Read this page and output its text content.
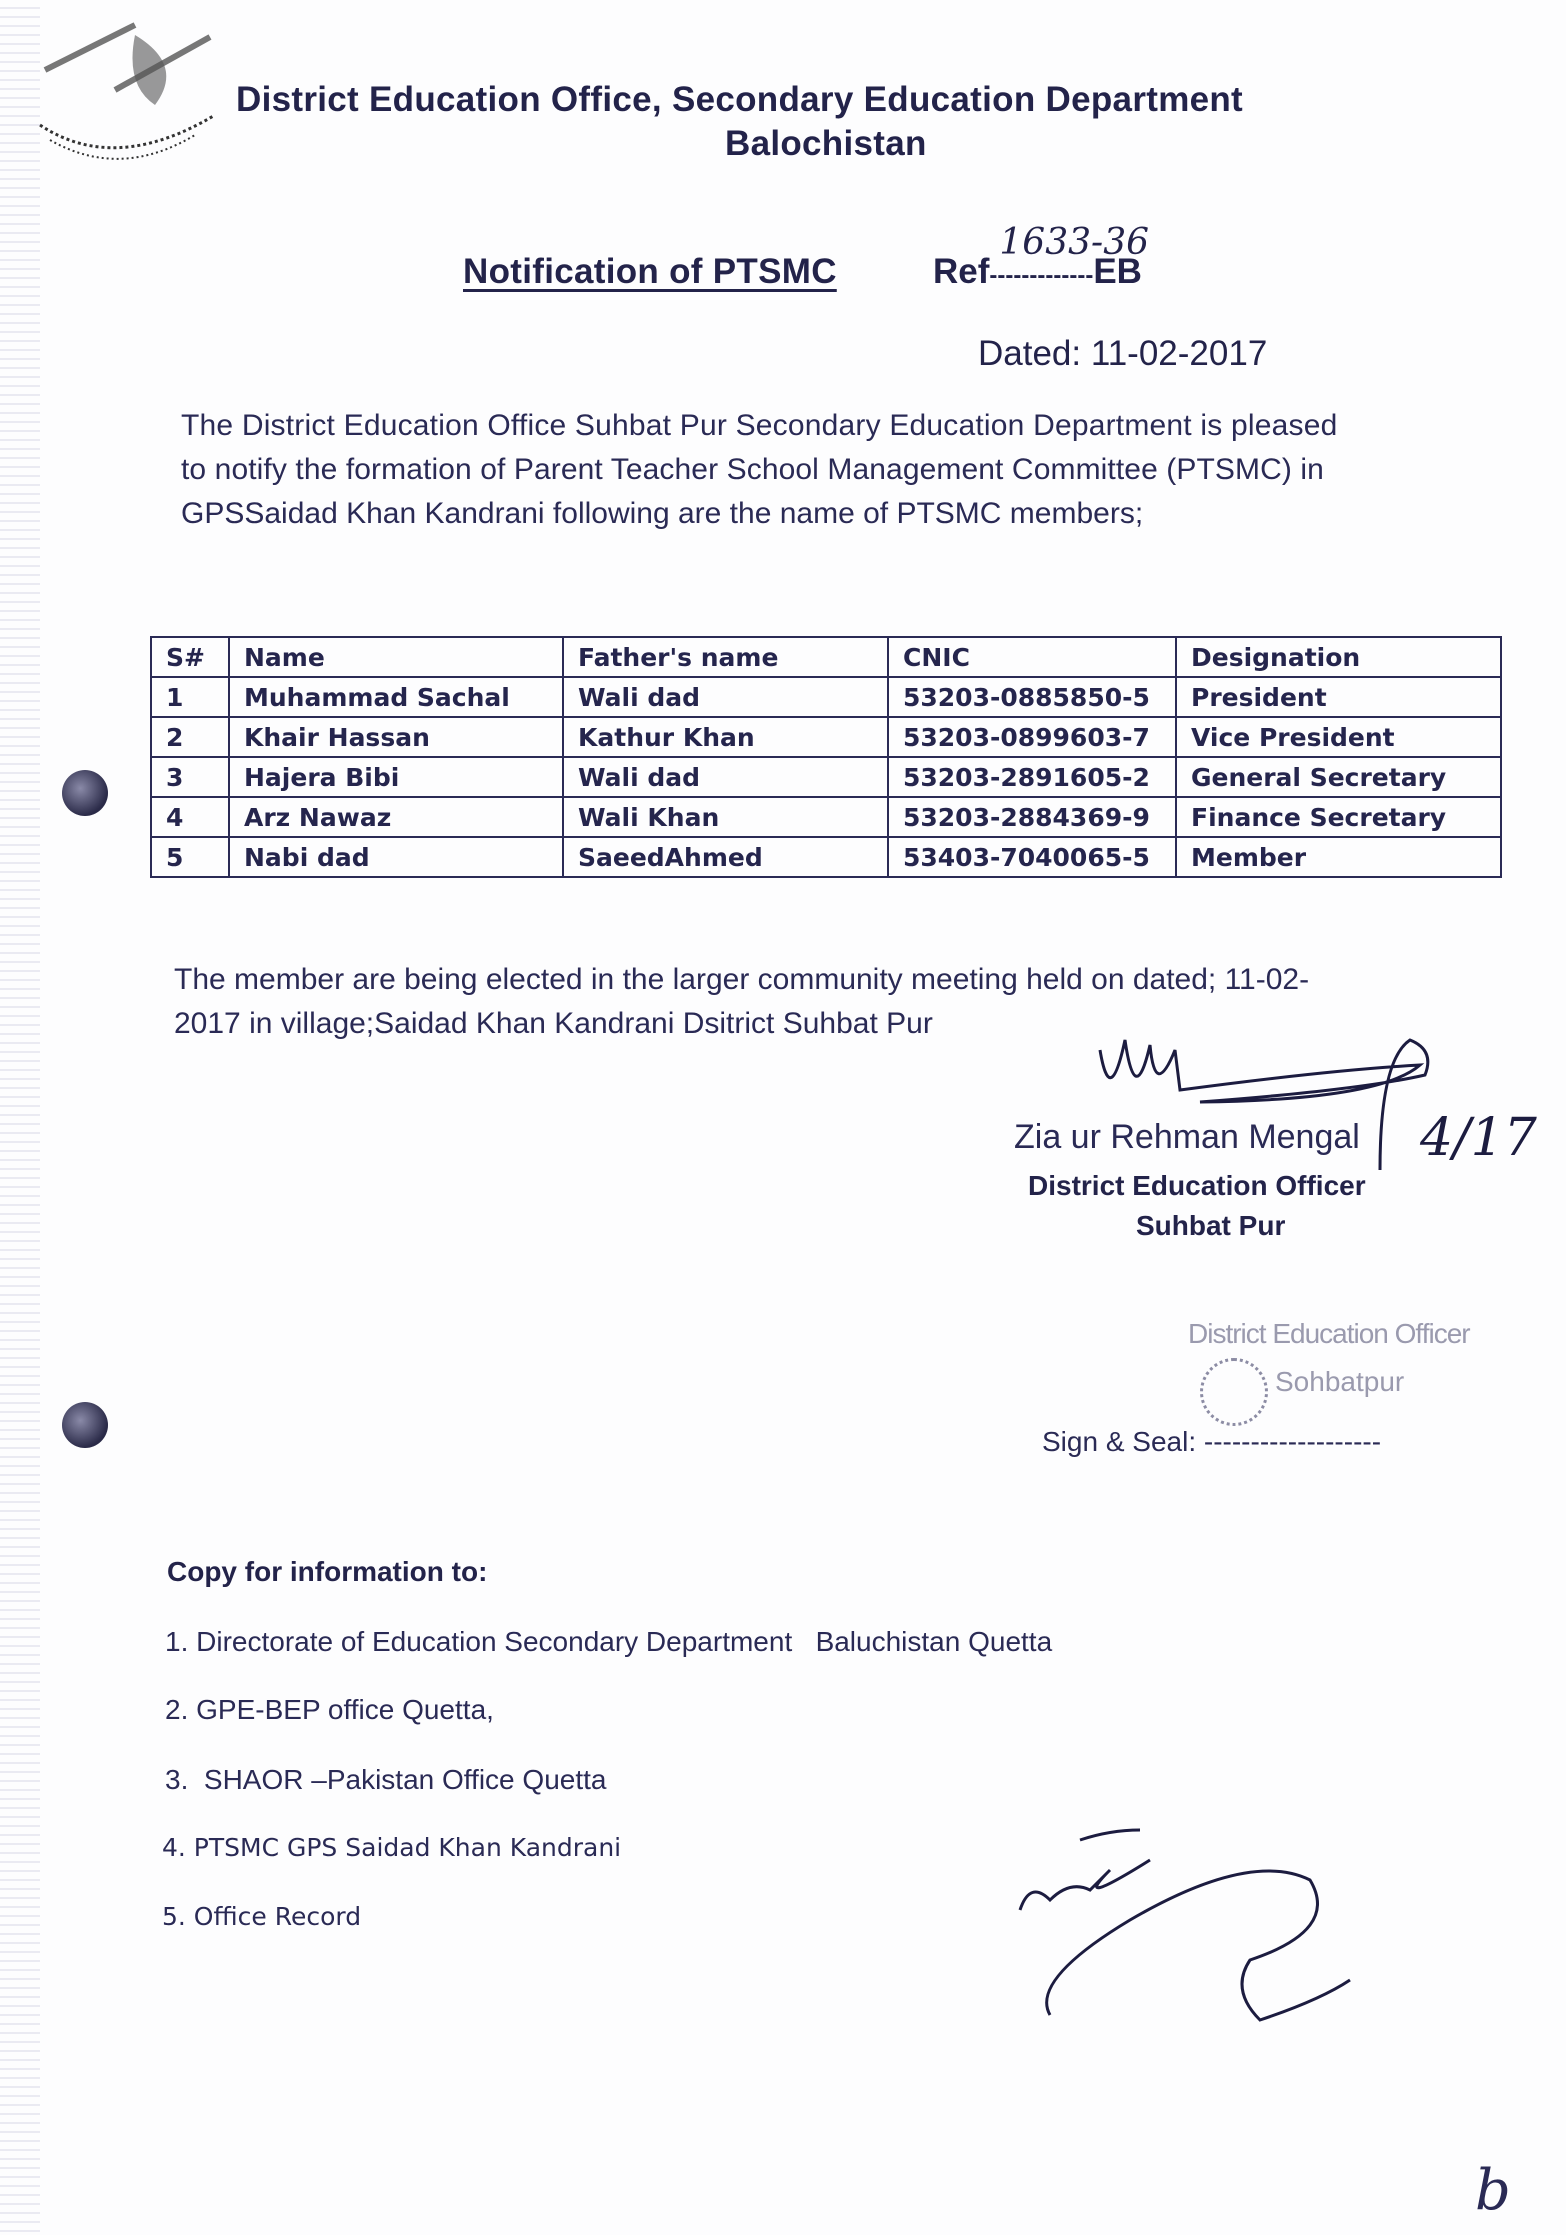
District Education Office, Secondary Education Department
Balochistan
Notification of PTSMC	Ref-------------
1633-36
EB
Dated: 11-02-2017
The District Education Office Suhbat Pur Secondary Education Department is pleased
to notify the formation of Parent Teacher School Management Committee (PTSMC) in
GPSSaidad Khan Kandrani following are the name of PTSMC members;
S#	Name	Father's name	CNIC	Designation
1	Muhammad Sachal	Wali dad	53203-0885850-5	President
2	Khair Hassan	Kathur Khan	53203-0899603-7	Vice President
3	Hajera Bibi	Wali dad	53203-2891605-2	General Secretary
4	Arz Nawaz	Wali Khan	53203-2884369-9	Finance Secretary
5	Nabi dad	SaeedAhmed	53403-7040065-5	Member
The member are being elected in the larger community meeting held on dated; 11-02-
2017 in village;Saidad Khan Kandrani Dsitrict Suhbat Pur
Zia ur Rehman Mengal
District Education Officer
Suhbat Pur
4/17
District Education Officer
Sohbatpur
Sign & Seal: -------------------
Copy for information to:
1. Directorate of Education Secondary Department   Baluchistan Quetta
2. GPE-BEP office Quetta,
3.  SHAOR –Pakistan Office Quetta
4. PTSMC GPS Saidad Khan Kandrani
5. Office Record
b
